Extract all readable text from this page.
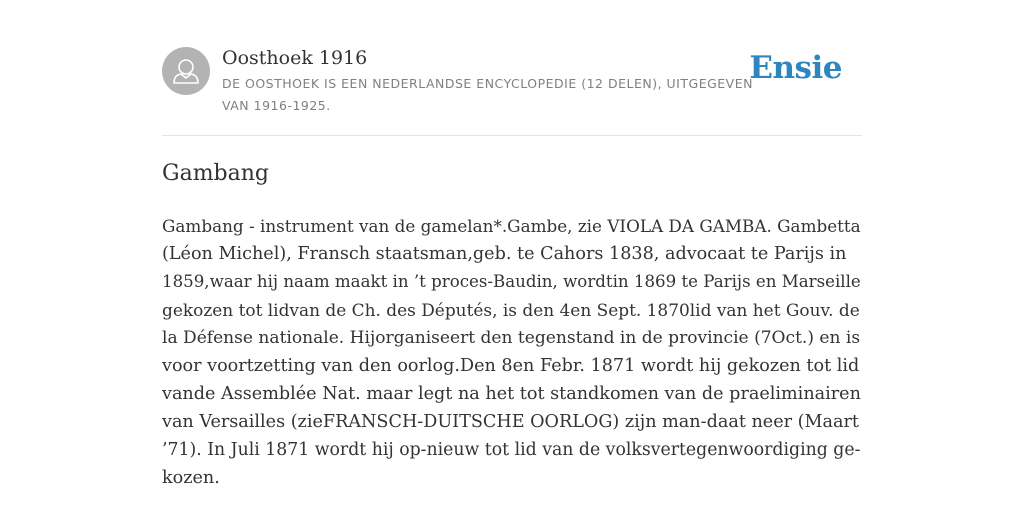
Oosthoek 1916
DE OOSTHOEK IS EEN NEDERLANDSE ENCYCLOPEDIE (12 DELEN), UITGEGEVEN
VAN 1916-1925.
Ensie
Gambang
Gambang - instrument van de gamelan*.Gambe, zie VIOLA DA GAMBA. Gambetta
(Léon Michel), Fransch staatsman,geb. te Cahors 1838, advocaat te Parijs in
1859,waar hij naam maakt in ’t proces-Baudin, wordtin 1869 te Parijs en Marseille
gekozen tot lidvan de Ch. des Députés, is den 4en Sept. 1870lid van het Gouv. de
la Défense nationale. Hijorganiseert den tegenstand in de provincie (7Oct.) en is
voor voortzetting van den oorlog.Den 8en Febr. 1871 wordt hij gekozen tot lid
vande Assemblée Nat. maar legt na het tot standkomen van de praeliminairen
van Versailles (zieFRANSCH-DUITSCHE OORLOG) zijn man-daat neer (Maart
’71). In Juli 1871 wordt hij op-nieuw tot lid van de volksvertegenwoordiging ge-
kozen.
